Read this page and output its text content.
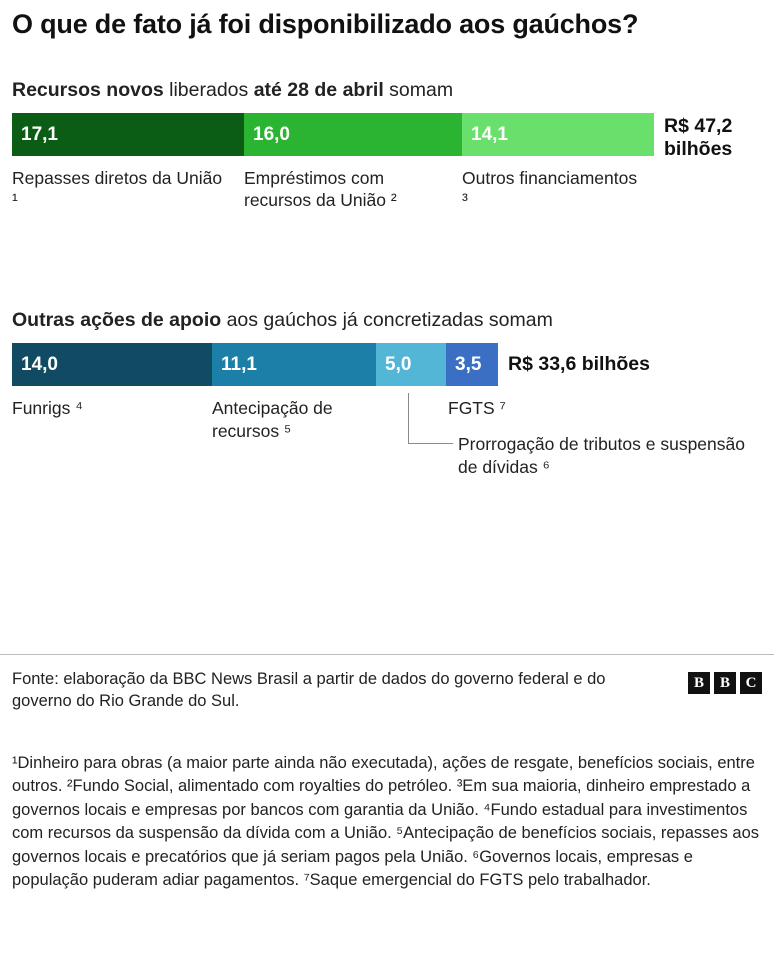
O que de fato já foi disponibilizado aos gaúchos?
Recursos novos liberados até 28 de abril somam
17,1	16,0	14,1	R$ 47,2
bilhões
Repasses diretos da União ¹
Empréstimos com recursos da União ²
Outros financiamentos ³
Outras ações de apoio aos gaúchos já concretizadas somam
14,0	11,1	5,0 3,5 R$ 33,6 bilhões
Funrigs ⁴	Antecipação de recursos ⁵
FGTS ⁷
Prorrogação de tributos e suspensão de dívidas ⁶
Fonte: elaboração da BBC News Brasil a partir de dados do governo federal e do governo do Rio Grande do Sul.
B	B	C
¹Dinheiro para obras (a maior parte ainda não executada), ações de resgate, benefícios sociais, entre outros. ²Fundo Social, alimentado com royalties do petróleo. ³Em sua maioria, dinheiro emprestado a governos locais e empresas por bancos com garantia da União. ⁴Fundo estadual para investimentos com recursos da suspensão da dívida com a União. ⁵Antecipação de benefícios sociais, repasses aos governos locais e precatórios que já seriam pagos pela União. ⁶Governos locais, empresas e população puderam adiar pagamentos. ⁷Saque emergencial do FGTS pelo trabalhador.
